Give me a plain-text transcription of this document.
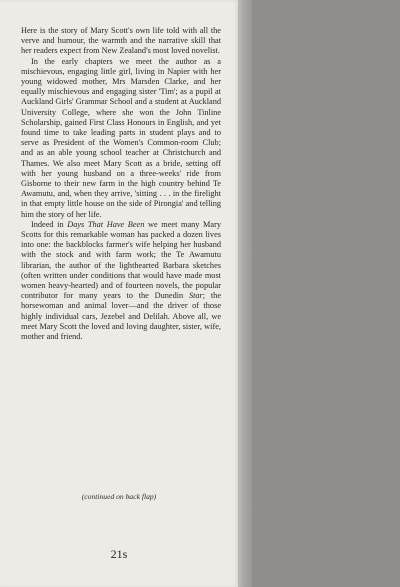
Here is the story of Mary Scott's own life told with all the verve and humour, the warmth and the narrative skill that her readers expect from New Zealand's most loved novelist.

In the early chapters we meet the author as a mischievous, engaging little girl, living in Napier with her young widowed mother, Mrs Marsden Clarke, and her equally mischievous and engaging sister 'Tim'; as a pupil at Auckland Girls' Grammar School and a student at Auckland University College, where she won the John Tinline Scholarship, gained First Class Honours in English, and yet found time to take leading parts in student plays and to serve as President of the Women's Common-room Club; and as an able young school teacher at Christchurch and Thames. We also meet Mary Scott as a bride, setting off with her young husband on a three-weeks' ride from Gisborne to their new farm in the high country behind Te Awamutu, and, when they arrive, 'sitting . . . in the firelight in that empty little house on the side of Pirongia' and telling him the story of her life.

Indeed in Days That Have Been we meet many Mary Scotts for this remarkable woman has packed a dozen lives into one: the backblocks farmer's wife helping her husband with the stock and with farm work; the Te Awamutu librarian, the author of the lighthearted Barbara sketches (often written under conditions that would have made most women heavy-hearted) and of fourteen novels, the popular contributor for many years to the Dunedin Star; the horsewoman and animal lover—and the driver of those highly individual cars, Jezebel and Delilah. Above all, we meet Mary Scott the loved and loving daughter, sister, wife, mother and friend.

(continued on back flap)
21s
